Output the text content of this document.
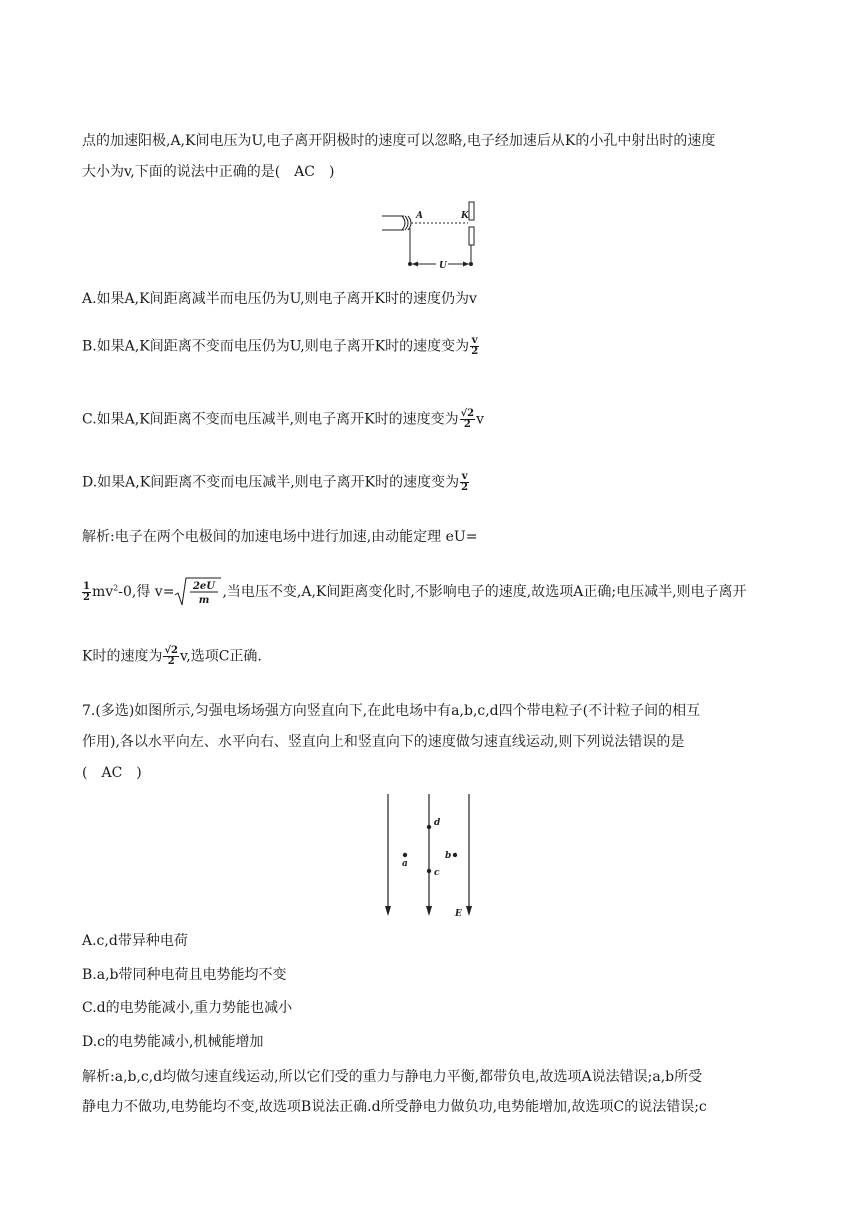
点的加速阳极,A,K间电压为U,电子离开阴极时的速度可以忽略,电子经加速后从K的小孔中射出时的速度
大小为v,下面的说法中正确的是(　AC　)
A	K
U
A.如果A,K间距离减半而电压仍为U,则电子离开K时的速度仍为v
B.如果A,K间距离不变而电压仍为U,则电子离开K时的速度变为 $\frac{v}{2}$
C.如果A,K间距离不变而电压减半,则电子离开K时的速度变为 $\frac{√2}{2}$ v
D.如果A,K间距离不变而电压减半,则电子离开K时的速度变为 $\frac{v}{2}$
解析:电子在两个电极间的加速电场中进行加速,由动能定理 eU=
$\frac{1}{2} mv^2-0$,得 v= 2eU
m
,当电压不变,A,K间距离变化时,不影响电子的速度,故选项A正确;电压减半,则电子离开
K时的速度为 $\frac{√2}{2} v$,选项C正确.
7.(多选)如图所示,匀强电场场强方向竖直向下,在此电场中有a,b,c,d四个带电粒子(不计粒子间的相互
作用),各以水平向左、水平向右、竖直向上和竖直向下的速度做匀速直线运动,则下列说法错误的是
(　AC　)
d
a
b
c
E
A.c,d带异种电荷
B.a,b带同种电荷且电势能均不变
C.d的电势能减小,重力势能也减小
D.c的电势能减小,机械能增加
解析:a,b,c,d均做匀速直线运动,所以它们受的重力与静电力平衡,都带负电,故选项A说法错误;a,b所受
静电力不做功,电势能均不变,故选项B说法正确.d所受静电力做负功,电势能增加,故选项C的说法错误;c
